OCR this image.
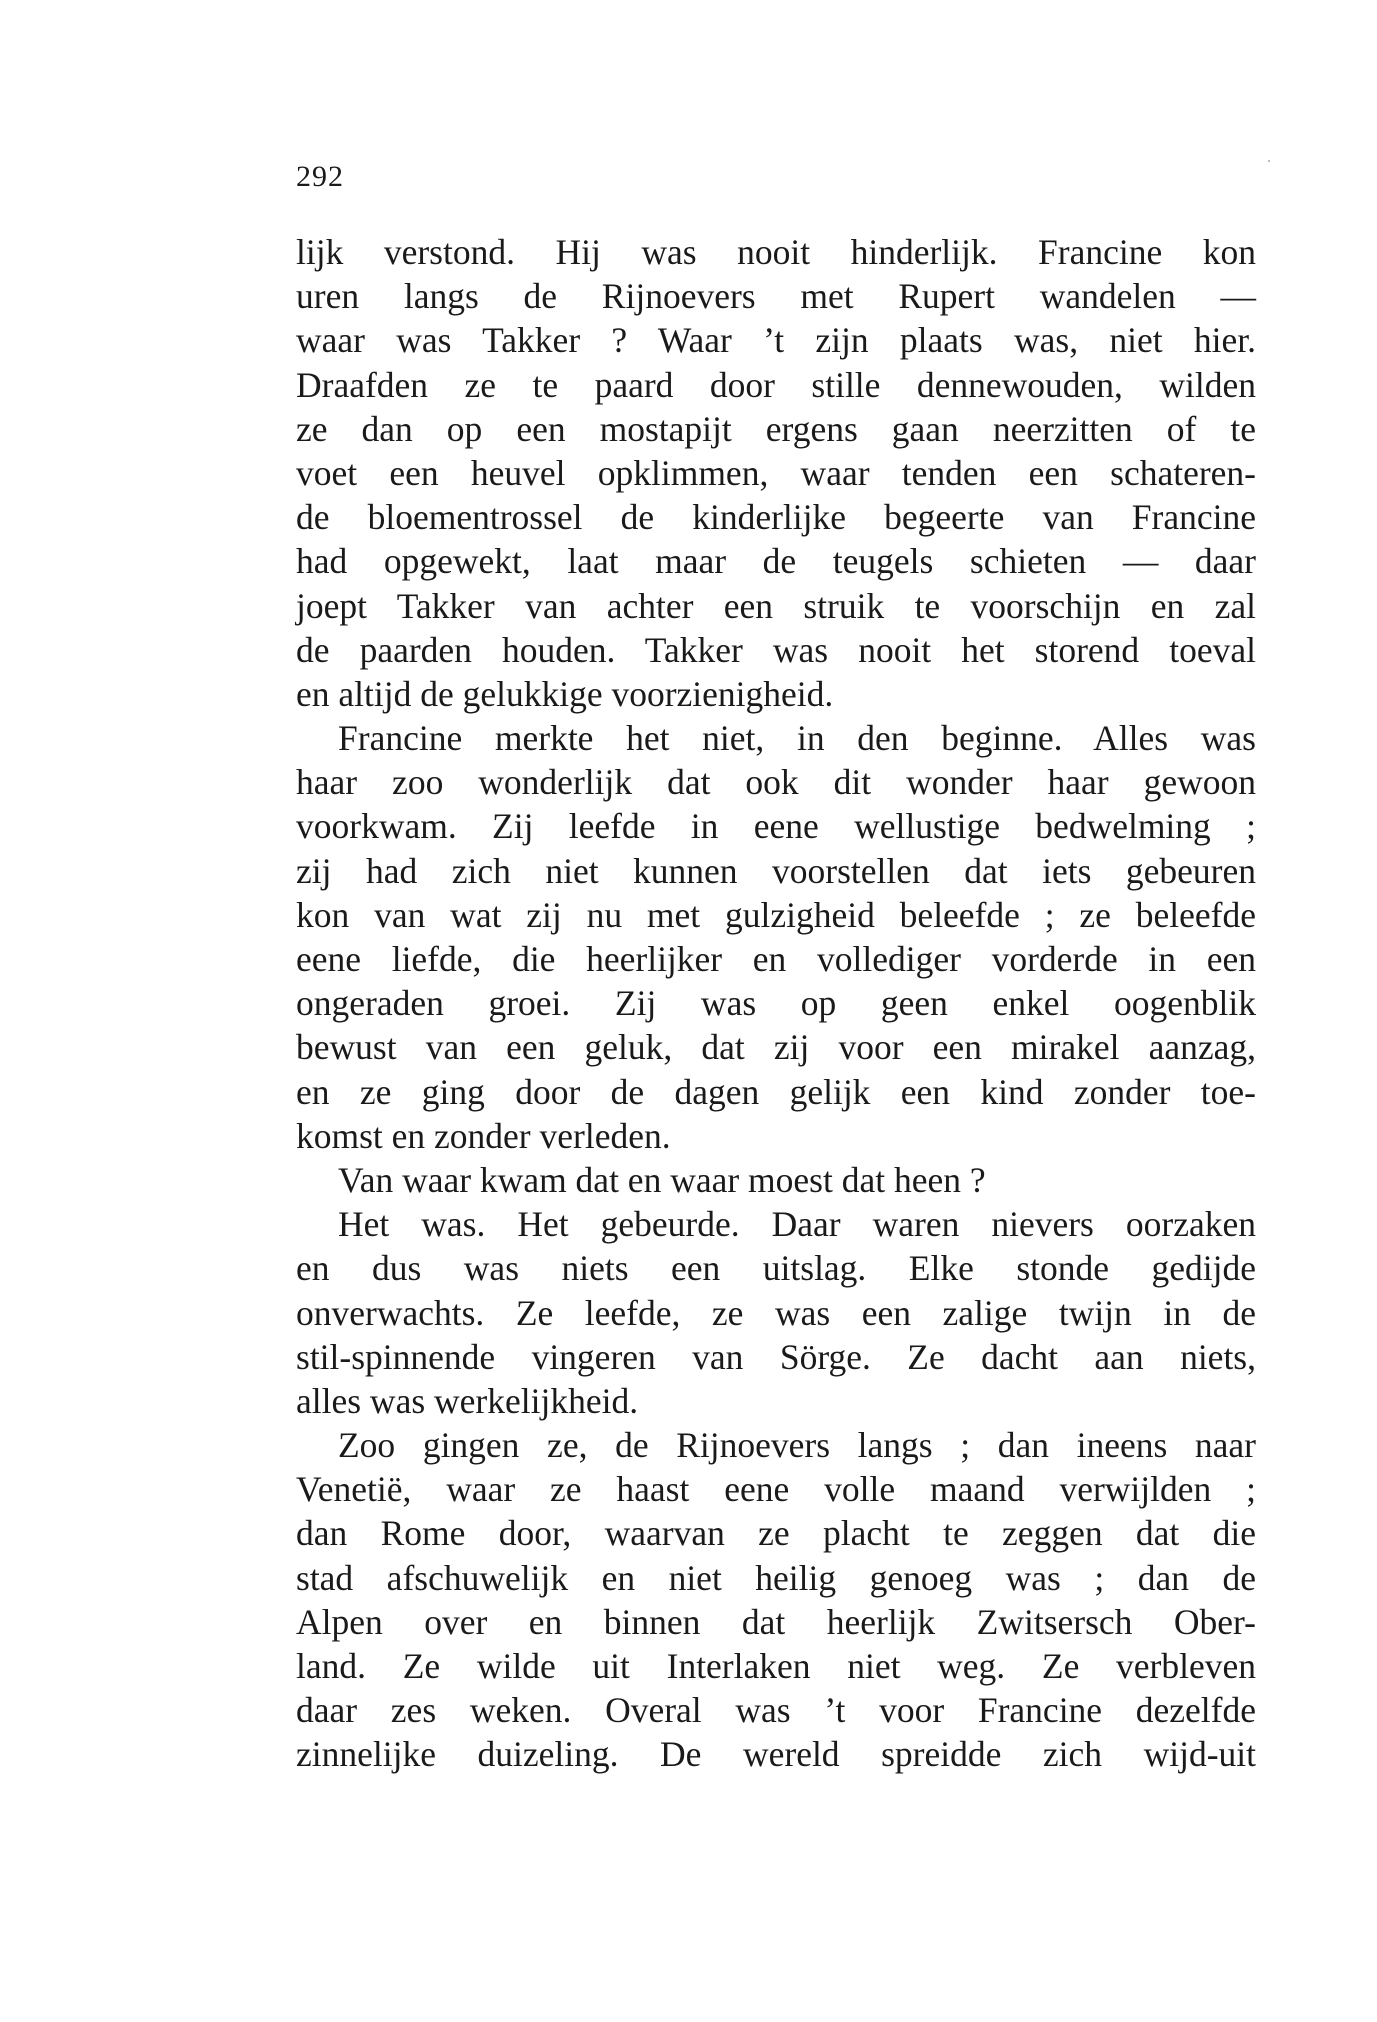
292
lijk verstond. Hij was nooit hinderlijk. Francine kon
uren langs de Rijnoevers met Rupert wandelen —
waar was Takker ? Waar ’t zijn plaats was, niet hier.
Draafden ze te paard door stille dennewouden, wilden
ze dan op een mostapijt ergens gaan neerzitten of te
voet een heuvel opklimmen, waar tenden een schateren-
de bloementrossel de kinderlijke begeerte van Francine
had opgewekt, laat maar de teugels schieten — daar
joept Takker van achter een struik te voorschijn en zal
de paarden houden. Takker was nooit het storend toeval
en altijd de gelukkige voorzienigheid.
Francine merkte het niet, in den beginne. Alles was
haar zoo wonderlijk dat ook dit wonder haar gewoon
voorkwam. Zij leefde in eene wellustige bedwelming ;
zij had zich niet kunnen voorstellen dat iets gebeuren
kon van wat zij nu met gulzigheid beleefde ; ze beleefde
eene liefde, die heerlijker en vollediger vorderde in een
ongeraden groei. Zij was op geen enkel oogenblik
bewust van een geluk, dat zij voor een mirakel aanzag,
en ze ging door de dagen gelijk een kind zonder toe-
komst en zonder verleden.
Van waar kwam dat en waar moest dat heen ?
Het was. Het gebeurde. Daar waren nievers oorzaken
en dus was niets een uitslag. Elke stonde gedijde
onverwachts. Ze leefde, ze was een zalige twijn in de
stil-spinnende vingeren van Sörge. Ze dacht aan niets,
alles was werkelijkheid.
Zoo gingen ze, de Rijnoevers langs ; dan ineens naar
Venetië, waar ze haast eene volle maand verwijlden ;
dan Rome door, waarvan ze placht te zeggen dat die
stad afschuwelijk en niet heilig genoeg was ; dan de
Alpen over en binnen dat heerlijk Zwitsersch Ober-
land. Ze wilde uit Interlaken niet weg. Ze verbleven
daar zes weken. Overal was ’t voor Francine dezelfde
zinnelijke duizeling. De wereld spreidde zich wijd-uit
